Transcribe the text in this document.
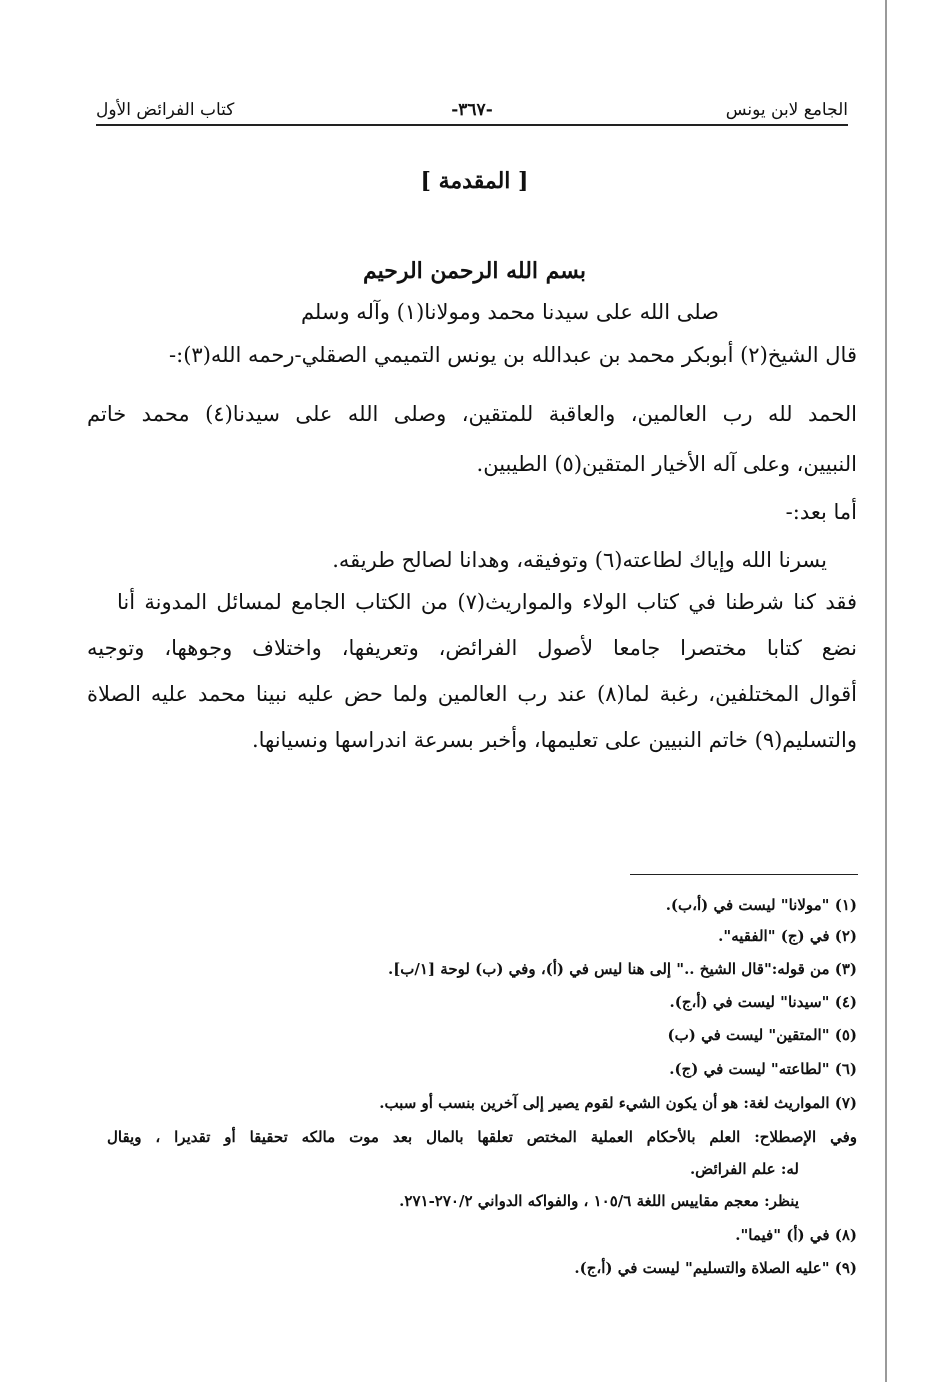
الجامع لابن يونس
-٣٦٧-
كتاب الفرائض الأول
[ المقدمة ]
بسم الله الرحمن الرحيم
صلى الله على سيدنا محمد ومولانا(١) وآله وسلم
قال الشيخ(٢) أبوبكر محمد بن عبدالله بن يونس التميمي الصقلي-رحمه الله(٣):-
الحمد لله رب العالمين، والعاقبة للمتقين، وصلى الله على سيدنا(٤) محمد خاتم
النبيين، وعلى آله الأخيار المتقين(٥) الطيبين.
أما بعد:-
يسرنا الله وإياك لطاعته(٦) وتوفيقه، وهدانا لصالح طريقه.
فقد كنا شرطنا في كتاب الولاء والمواريث(٧) من الكتاب الجامع لمسائل المدونة أنا
نضع كتابا مختصرا جامعا لأصول الفرائض، وتعريفها، واختلاف وجوهها، وتوجيه
أقوال المختلفين، رغبة لما(٨) عند رب العالمين ولما حض عليه نبينا محمد عليه الصلاة
والتسليم(٩) خاتم النبيين على تعليمها، وأخبر بسرعة اندراسها ونسيانها.
(١) "مولانا" ليست في (أ،ب).
(٢) في (ج) "الفقيه".
(٣) من قوله:"قال الشيخ .." إلى هنا ليس في (أ)، وفي (ب) لوحة [١/ب].
(٤) "سيدنا" ليست في (أ،ج).
(٥) "المتقين" ليست في (ب)
(٦) "لطاعته" ليست في (ج).
(٧) المواريث لغة: هو أن يكون الشيء لقوم يصير إلى آخرين بنسب أو سبب.
وفي الإصطلاح: العلم بالأحكام العملية المختص تعلقها بالمال بعد موت مالكه تحقيقا أو تقديرا ، ويقال
له: علم الفرائض.
ينظر: معجم مقاييس اللغة ١٠٥/٦ ، والفواكه الدواني ٢٧٠/٢-٢٧١.
(٨) في (أ) "فيما".
(٩) "عليه الصلاة والتسليم" ليست في (أ،ج).
